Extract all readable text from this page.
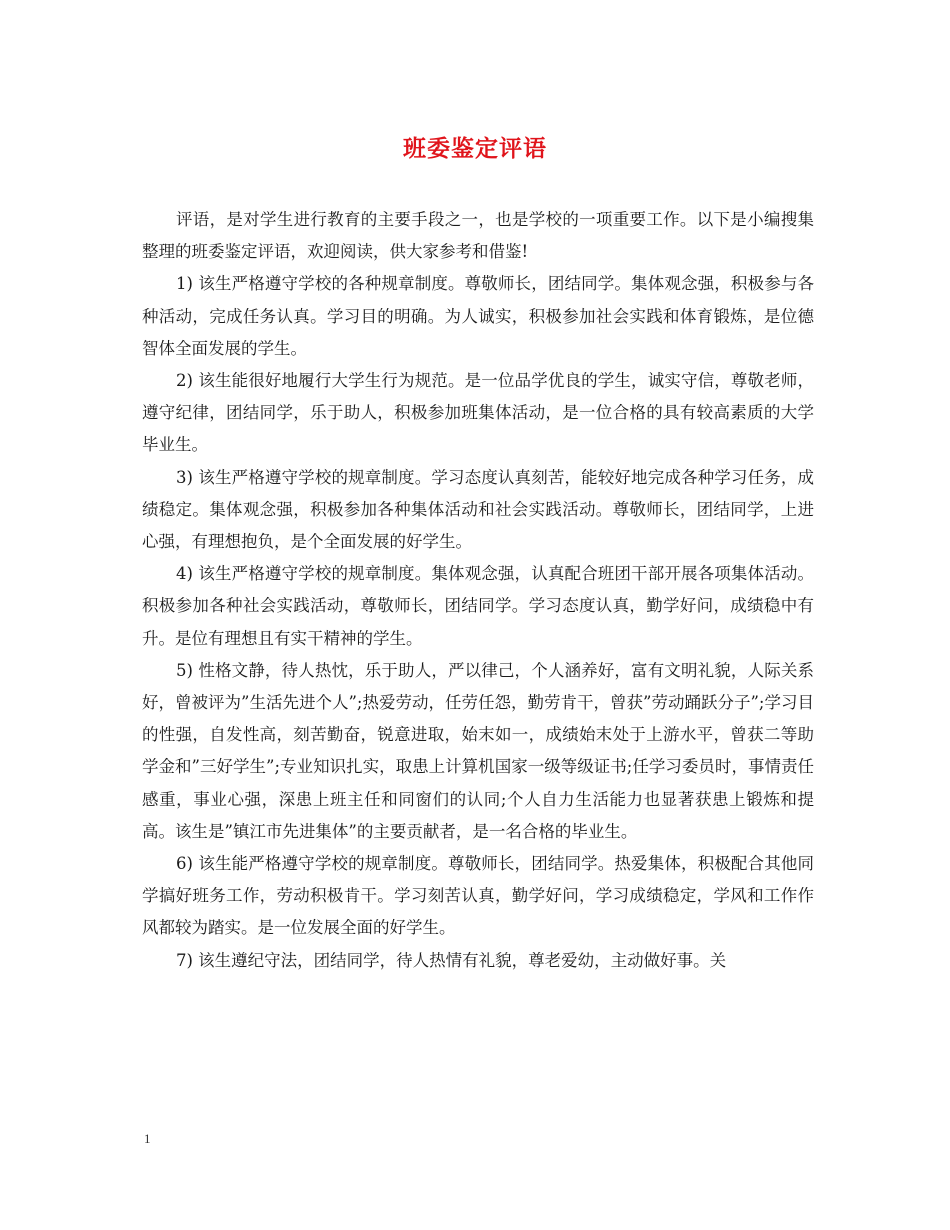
班委鉴定评语

评语，是对学生进行教育的主要手段之一，也是学校的一项重要工作。以下是小编搜集整理的班委鉴定评语，欢迎阅读，供大家参考和借鉴!

1) 该生严格遵守学校的各种规章制度。尊敬师长，团结同学。集体观念强，积极参与各种活动，完成任务认真。学习目的明确。为人诚实，积极参加社会实践和体育锻炼，是位德智体全面发展的学生。

2) 该生能很好地履行大学生行为规范。是一位品学优良的学生，诚实守信，尊敬老师，遵守纪律，团结同学，乐于助人，积极参加班集体活动，是一位合格的具有较高素质的大学毕业生。

3) 该生严格遵守学校的规章制度。学习态度认真刻苦，能较好地完成各种学习任务，成绩稳定。集体观念强，积极参加各种集体活动和社会实践活动。尊敬师长，团结同学，上进心强，有理想抱负，是个全面发展的好学生。

4) 该生严格遵守学校的规章制度。集体观念强，认真配合班团干部开展各项集体活动。积极参加各种社会实践活动，尊敬师长，团结同学。学习态度认真，勤学好问，成绩稳中有升。是位有理想且有实干精神的学生。

5) 性格文静，待人热忱，乐于助人，严以律己，个人涵养好，富有文明礼貌，人际关系好，曾被评为”生活先进个人”;热爱劳动，任劳任怨，勤劳肯干，曾获”劳动踊跃分子”;学习目的性强，自发性高，刻苦勤奋，锐意进取，始末如一，成绩始末处于上游水平，曾获二等助学金和”三好学生”;专业知识扎实，取患上计算机国家一级等级证书;任学习委员时，事情责任感重，事业心强，深患上班主任和同窗们的认同;个人自力生活能力也显著获患上锻炼和提高。该生是”镇江市先进集体”的主要贡献者，是一名合格的毕业生。

6) 该生能严格遵守学校的规章制度。尊敬师长，团结同学。热爱集体，积极配合其他同学搞好班务工作，劳动积极肯干。学习刻苦认真，勤学好问，学习成绩稳定，学风和工作作风都较为踏实。是一位发展全面的好学生。

7) 该生遵纪守法，团结同学，待人热情有礼貌，尊老爱幼，主动做好事。关

1
